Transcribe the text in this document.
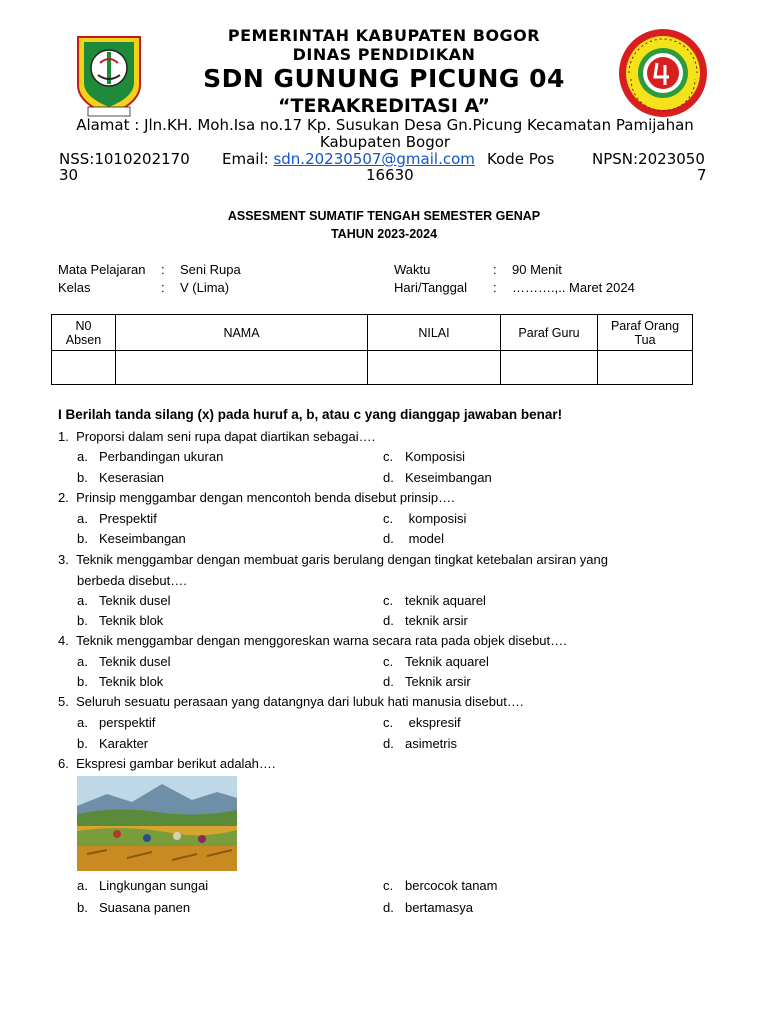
PEMERINTAH KABUPATEN BOGOR
DINAS PENDIDIKAN
SDN GUNUNG PICUNG 04
“TERAKREDITASI A”
Alamat : Jln.KH. Moh.Isa no.17 Kp. Susukan Desa Gn.Picung Kecamatan Pamijahan
Kabupaten Bogor
NSS:1010202170
30
Email: sdn.20230507@gmail.com Kode Pos
16630
NPSN:2023050
7
ASSESMENT SUMATIF TENGAH SEMESTER GENAP
TAHUN 2023-2024
Mata Pelajaran : Seni Rupa
Kelas	: V (Lima)
Waktu	: 90 Menit
Hari/Tanggal : ……….,.. Maret 2024
N0
Absen	NAMA	NILAI	Paraf Guru	Paraf Orang
Tua

I Berilah tanda silang (x) pada huruf a, b, atau c yang dianggap jawaban benar!
1. Proporsi dalam seni rupa dapat diartikan sebagai….
a. Perbandingan ukuran
b. Keserasian
c. Komposisi
d. Keseimbangan
2. Prinsip menggambar dengan mencontoh benda disebut prinsip….
a. Prespektif
b. Keseimbangan
c. komposisi
d. model
3. Teknik menggambar dengan membuat garis berulang dengan tingkat ketebalan arsiran yang
berbeda disebut….
a. Teknik dusel
b. Teknik blok
c. teknik aquarel
d. teknik arsir
4. Teknik menggambar dengan menggoreskan warna secara rata pada objek disebut….
a. Teknik dusel
b. Teknik blok
c. Teknik aquarel
d. Teknik arsir
5. Seluruh sesuatu perasaan yang datangnya dari lubuk hati manusia disebut….
a. perspektif
b. Karakter
c. ekspresif
d. asimetris
6.  Ekspresi gambar berikut adalah….
a. Lingkungan sungai
b. Suasana panen
c. bercocok tanam
d. bertamasya
